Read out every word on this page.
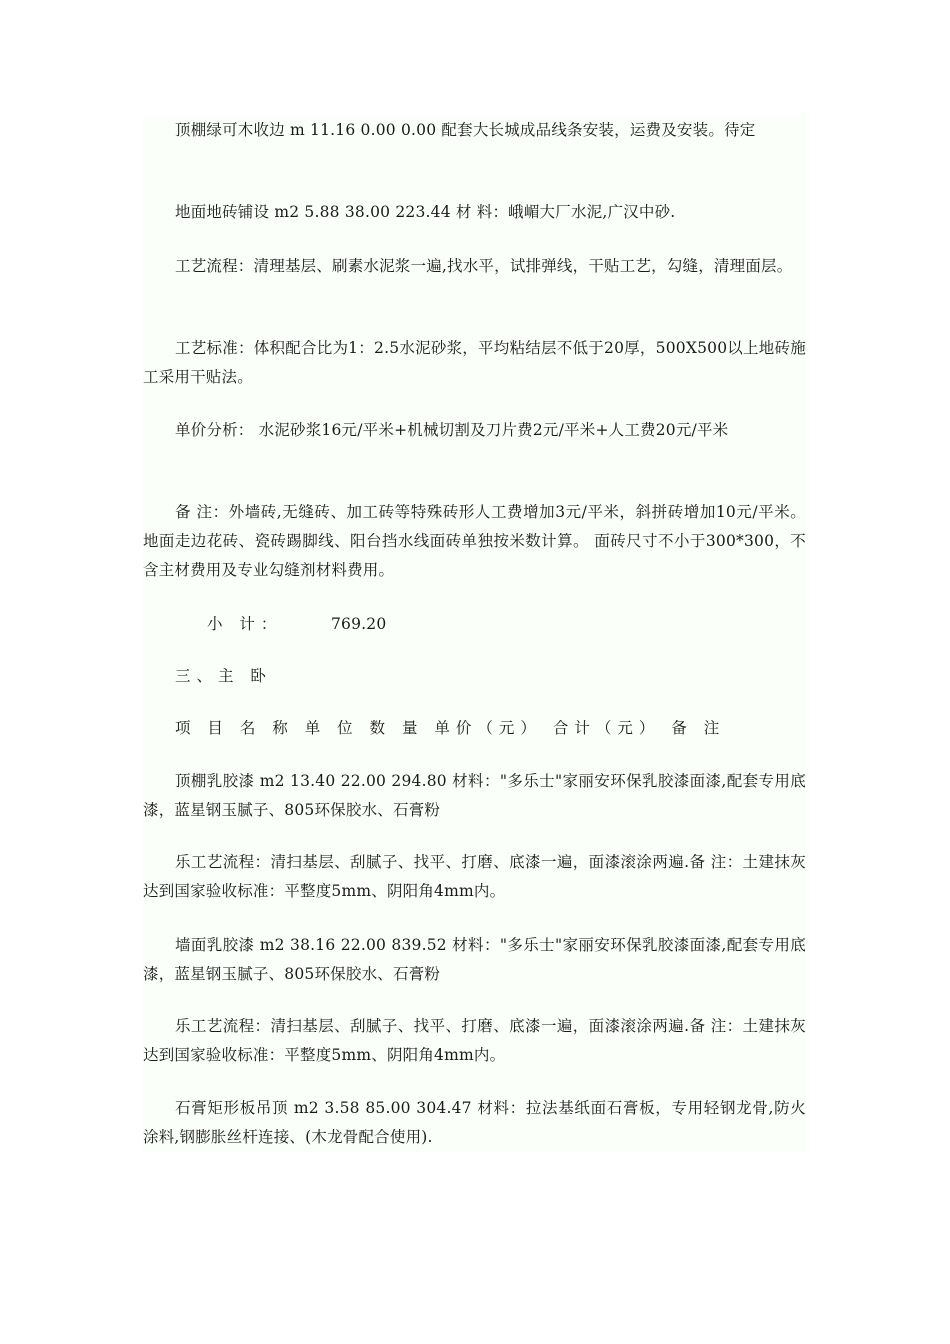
顶棚绿可木收边 m 11.16 0.00 0.00 配套大长城成品线条安装，运费及安装。待定

地面地砖铺设 m2 5.88 38.00 223.44 材 料：峨嵋大厂水泥,广汉中砂.

工艺流程：清理基层、刷素水泥浆一遍,找水平，试排弹线，干贴工艺，勾缝，清理面层。

工艺标准：体积配合比为1：2.5水泥砂浆，平均粘结层不低于20厚，500X500以上地砖施工采用干贴法。

单价分析： 水泥砂浆16元/平米+机械切割及刀片费2元/平米+人工费20元/平米

备 注：外墙砖,无缝砖、加工砖等特殊砖形人工费增加3元/平米，斜拼砖增加10元/平米。地面走边花砖、瓷砖踢脚线、阳台挡水线面砖单独按米数计算。 面砖尺寸不小于300*300，不含主材费用及专业勾缝剂材料费用。

小 计：	769.20

三、主 卧

项 目 名 称 单 位 数 量 单价（元） 合计（元） 备 注

顶棚乳胶漆 m2 13.40 22.00 294.80 材料："多乐士"家丽安环保乳胶漆面漆,配套专用底漆，蓝星钢玉腻子、805环保胶水、石膏粉

乐工艺流程：清扫基层、刮腻子、找平、打磨、底漆一遍，面漆滚涂两遍.备 注：土建抹灰达到国家验收标准：平整度5mm、阴阳角4mm内。

墙面乳胶漆 m2 38.16 22.00 839.52 材料："多乐士"家丽安环保乳胶漆面漆,配套专用底漆，蓝星钢玉腻子、805环保胶水、石膏粉

乐工艺流程：清扫基层、刮腻子、找平、打磨、底漆一遍，面漆滚涂两遍.备 注：土建抹灰达到国家验收标准：平整度5mm、阴阳角4mm内。

石膏矩形板吊顶 m2 3.58 85.00 304.47 材料：拉法基纸面石膏板，专用轻钢龙骨,防火涂料,钢膨胀丝杆连接、(木龙骨配合使用).
